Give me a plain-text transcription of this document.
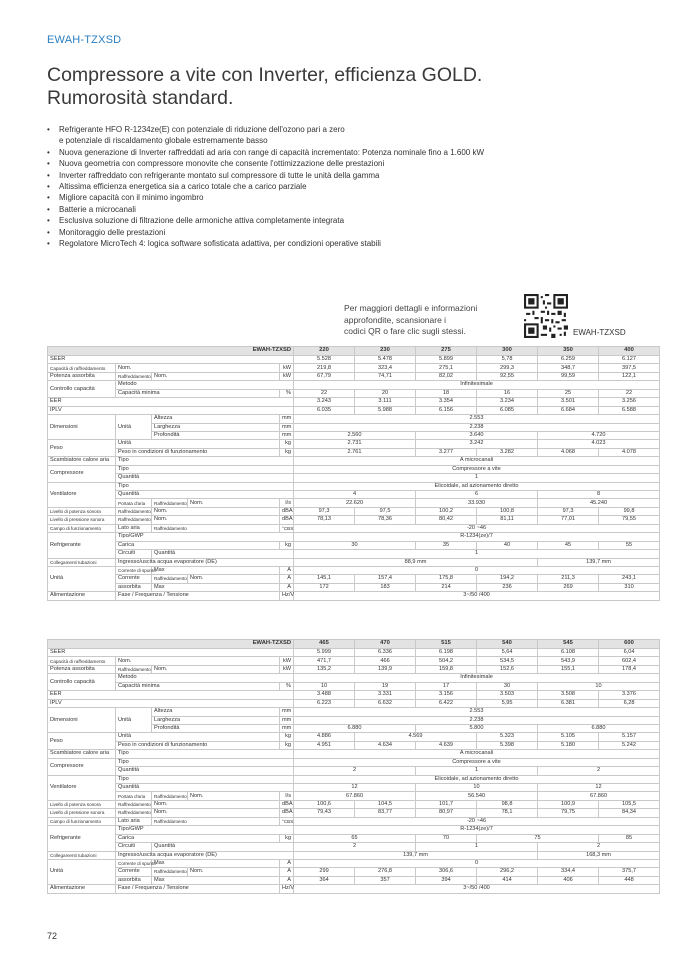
EWAH-TZXSD
Compressore a vite con Inverter, efficienza GOLD.
Rumorosità standard.
• Refrigerante HFO R-1234ze(E) con potenziale di riduzione dell'ozono pari a zero
e potenziale di riscaldamento globale estremamente basso
• Nuova generazione di Inverter raffreddati ad aria con range di capacità incrementato: Potenza nominale fino a 1.600 kW
• Nuova geometria con compressore monovite che consente l'ottimizzazione delle prestazioni
• Inverter raffreddato con refrigerante montato sul compressore di tutte le unità della gamma
• Altissima efficienza energetica sia a carico totale che a carico parziale
• Migliore capacità con il minimo ingombro
• Batterie a microcanali
• Esclusiva soluzione di filtrazione delle armoniche attiva completamente integrata
• Monitoraggio delle prestazioni
• Regolatore MicroTech 4: logica software sofisticata adattiva, per condizioni operative stabili
Per maggiori dettagli e informazioni
approfondite, scansionare i
codici QR o fare clic sugli stessi.	EWAH-TZXSD
EWAH-TZXSD					220	230	275	300	350	400
SEER					5.528	5.478	5.899	5,78	6.259	6.127
Capacità di raffreddamento	Nom.			kW	219,8	323,4	275,1	299,3	348,7	397,5
Potenza assorbita	Raffreddamento	Nom.		kW	67,79	74,71	82,02	92,55	99,59	122,1
Controllo capacità	Metodo				Infinitesimale					
	Capacità minima			%	22	20	18	16	25	22
EER					3.243	3.111	3.354	3.234	3.501	3.256
IPLV					6.035	5.988	6.156	6.085	6.684	6.588
Dimensioni	Unità	Altezza		mm	2.553					
		Larghezza		mm	2.238					
		Profondità		mm	2.560		3.640		4.720	
Peso	Unità			kg	2.731		3.242		4.023	
	Peso in condizioni di funzionamento			kg	2.761		3.277	3.282	4.068	4.078
Scambiatore calore aria	Tipo				A microcanali					
Compressore	Tipo				Compressore a vite					
	Quantità				1					
Ventilatore	Tipo				Elicoidale, ad azionamento diretto					
	Quantità				4		6		8	
	Portata d'aria	Raffreddamento	Nom.	l/s	22.620		33.930		45.240	
Livello di potenza sonora	Raffreddamento	Nom.		dBA	97,3	97,5	100,2	100,8	97,3	99,8
Livello di pressione sonora	Raffreddamento	Nom.		dBA	78,13	78,36	80,42	81,11	77,01	79,55
Campo di funzionamento	Lato aria	Raffreddamento		°CBS	-20 ~46					
Refrigerante	Tipo/GWP				R-1234(ze)/7					
	Carica			kg	30		35	40	45	55
	Circuiti	Quantità			1					
Collegamenti tubazioni	Ingresso/uscita acqua evaporatore (DE)				88,9 mm				139,7 mm	
Unità	Corrente di spunto	Max		A	0					
	Corrente	Raffreddamento	Nom.	A	145,1	157,4	175,8	194,2	211,3	243,1
	assorbita	Max		A	172	183	214	236	269	310
Alimentazione	Fase / Frequenza / Tensione			Hz/V	3~/50 /400					
EWAH-TZXSD					465	470	515	540	545	600
SEER					5.999	6.336	6.198	5,64	6.108	6,04
Capacità di raffreddamento	Nom.			kW	471,7	466	504,2	534,5	543,9	602,4
Potenza assorbita	Raffreddamento	Nom.		kW	135,2	139,9	159,8	152,6	155,1	178,4
Controllo capacità	Metodo				Infinitesimale					
	Capacità minima			%	10	19	17	30	10	
EER					3.488	3.331	3.156	3.503	3.508	3.376
IPLV					6.223	6.632	6.422	5,95	6.381	6,28
Dimensioni	Unità	Altezza		mm	2.553					
		Larghezza		mm	2.238					
		Profondità		mm	6.880		5.800		6.880	
Peso	Unità			kg	4.886	4.569		5.323	5.105	5.157
	Peso in condizioni di funzionamento			kg	4.951	4.634	4.639	5.398	5.180	5.242
Scambiatore calore aria	Tipo				A microcanali					
Compressore	Tipo				Compressore a vite					
	Quantità				2		1		2	
Ventilatore	Tipo				Elicoidale, ad azionamento diretto					
	Quantità				12		10		12	
	Portata d'aria	Raffreddamento	Nom.	l/s	67.860		56.540		67.860	
Livello di potenza sonora	Raffreddamento	Nom.		dBA	100,6	104,5	101,7	98,8	100,9	105,5
Livello di pressione sonora	Raffreddamento	Nom.		dBA	79,43	83,77	80,97	78,1	79,75	84,34
Campo di funzionamento	Lato aria	Raffreddamento		°CBS	-20 ~46					
Refrigerante	Tipo/GWP				R-1234(ze)/7					
	Carica			kg	65		70	75		85
	Circuiti	Quantità			2		1		2	
Collegamenti tubazioni	Ingresso/uscita acqua evaporatore (DE)				139,7 mm				168,3 mm	
Unità	Corrente di spunto	Max		A	0					
	Corrente	Raffreddamento	Nom.	A	299	276,8	306,6	296,2	334,4	375,7
	assorbita	Max		A	364	357	394	414	406	448
Alimentazione	Fase / Frequenza / Tensione			Hz/V	3~/50 /400					
72
